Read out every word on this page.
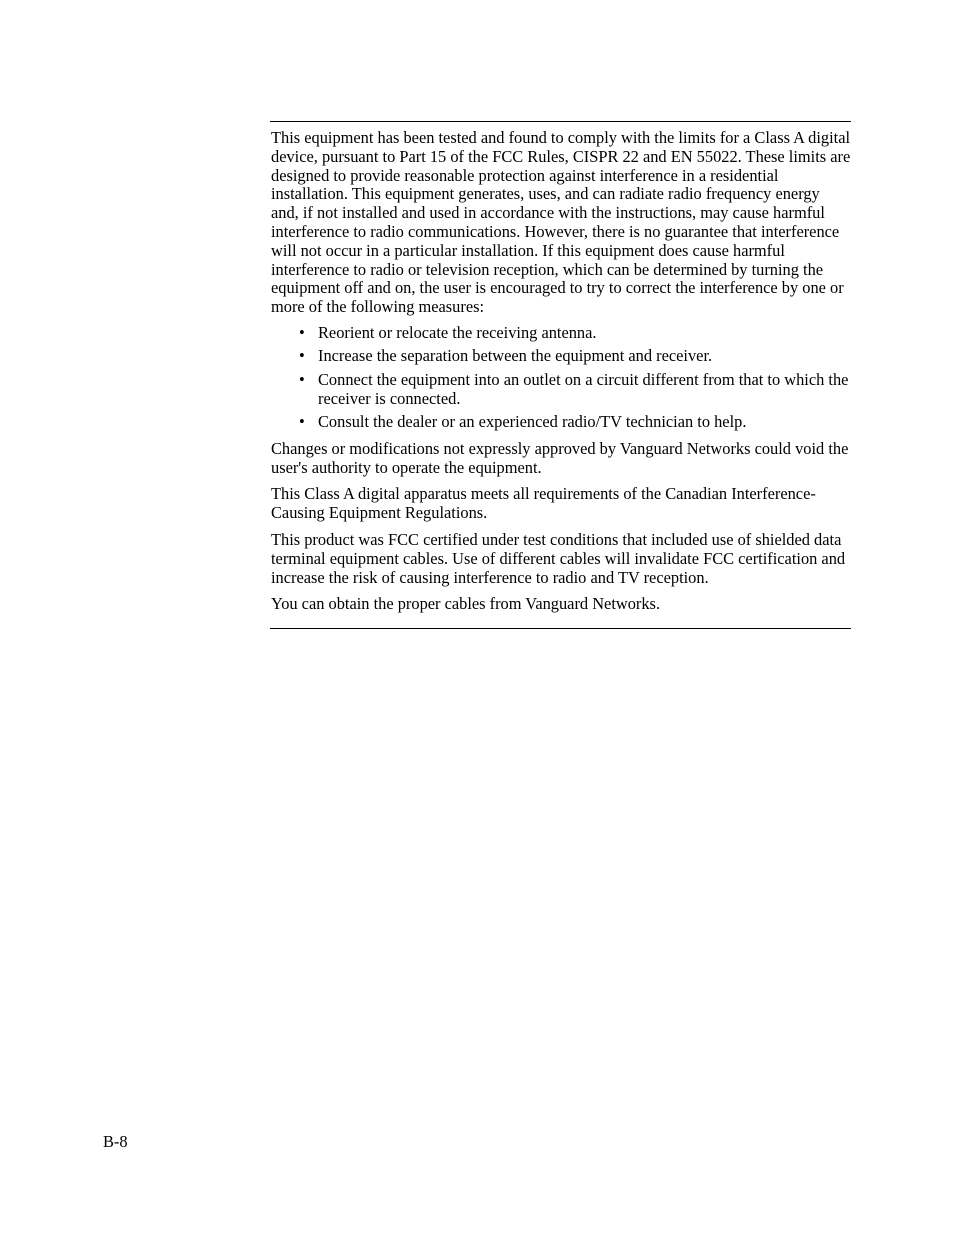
This equipment has been tested and found to comply with the limits for a Class A digital device, pursuant to Part 15 of the FCC Rules, CISPR 22 and EN 55022. These limits are designed to provide reasonable protection against interference in a residential installation. This equipment generates, uses, and can radiate radio frequency energy and, if not installed and used in accordance with the instructions, may cause harmful interference to radio communications. However, there is no guarantee that interference will not occur in a particular installation. If this equipment does cause harmful interference to radio or television reception, which can be determined by turning the equipment off and on, the user is encouraged to try to correct the interference by one or more of the following measures:

• Reorient or relocate the receiving antenna.
• Increase the separation between the equipment and receiver.
• Connect the equipment into an outlet on a circuit different from that to which the receiver is connected.
• Consult the dealer or an experienced radio/TV technician to help.

Changes or modifications not expressly approved by Vanguard Networks could void the user's authority to operate the equipment.

This Class A digital apparatus meets all requirements of the Canadian Interference-Causing Equipment Regulations.

This product was FCC certified under test conditions that included use of shielded data terminal equipment cables. Use of different cables will invalidate FCC certification and increase the risk of causing interference to radio and TV reception.

You can obtain the proper cables from Vanguard Networks.

B-8
